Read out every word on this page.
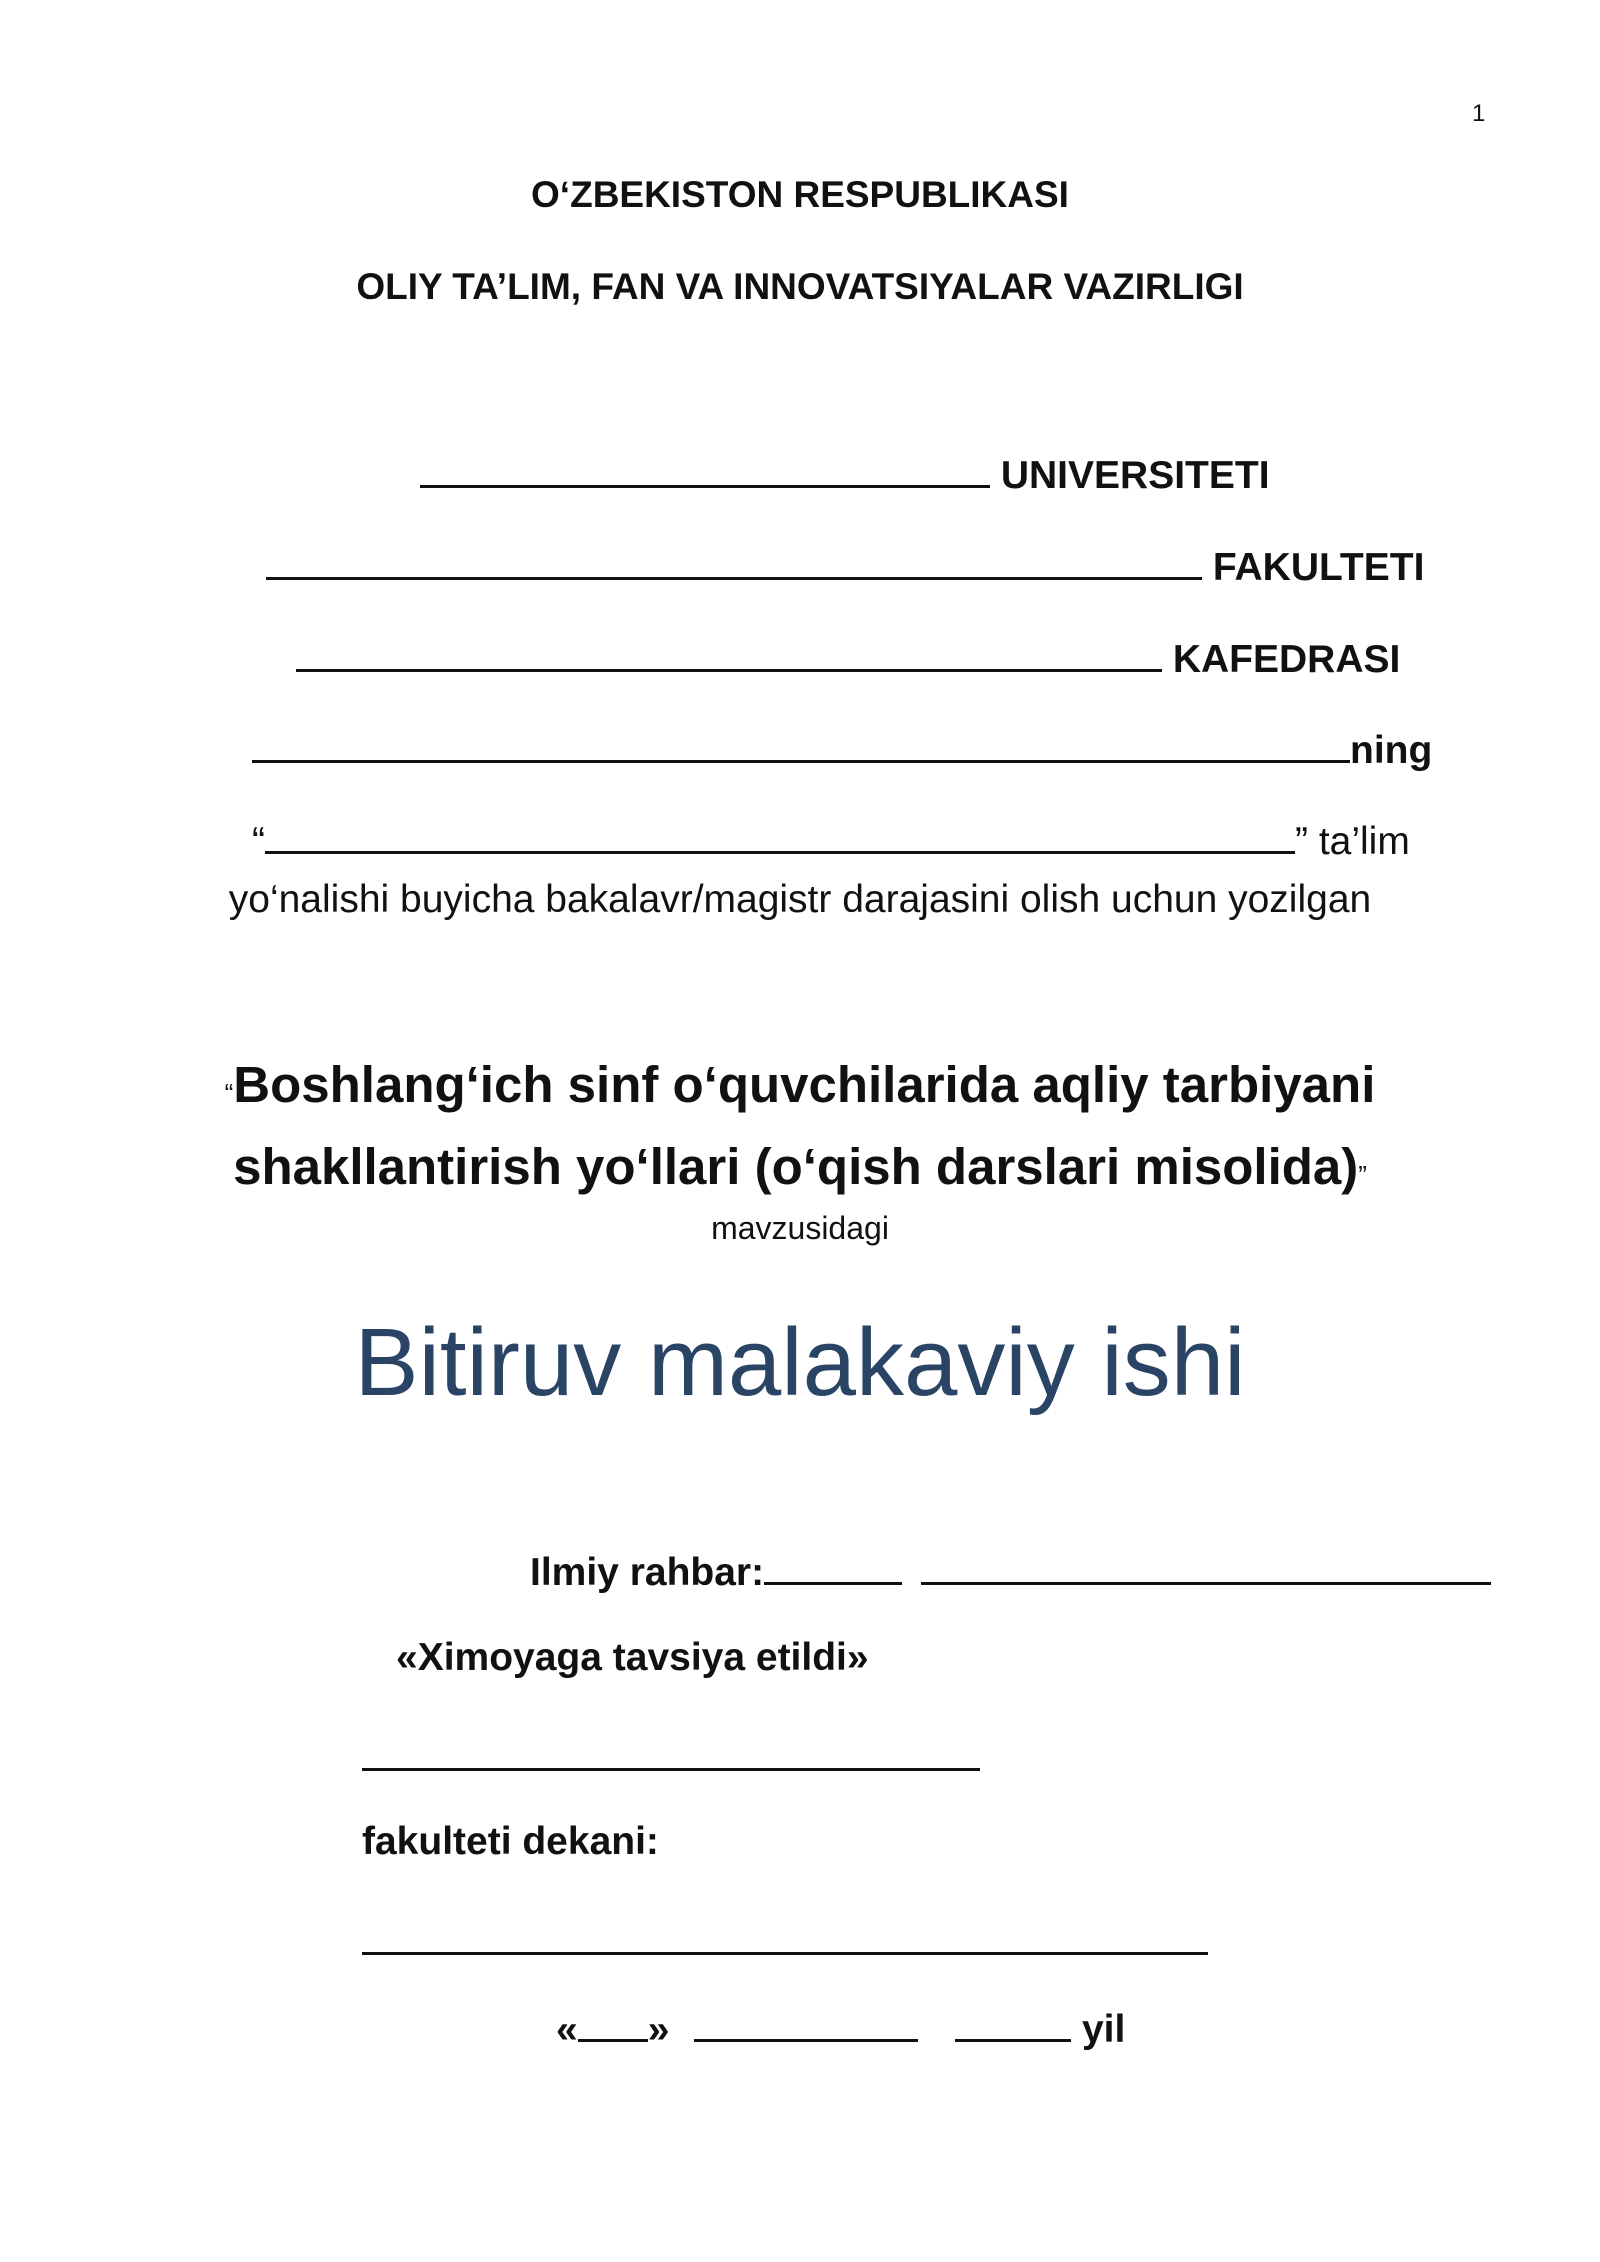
1
O‘ZBEKISTON RESPUBLIKASI
OLIY TA’LIM, FAN VA INNOVATSIYALAR VAZIRLIGI
UNIVERSITETI
FAKULTETI
KAFEDRASI
ning
“	” ta’lim
yo‘nalishi buyicha bakalavr/magistr darajasini olish uchun yozilgan
“Boshlang‘ich sinf o‘quvchilarida aqliy tarbiyani
shakllantirish yo‘llari (o‘qish darslari misolida)”
mavzusidagi
Bitiruv malakaviy ishi
Ilmiy rahbar:
«Ximoyaga tavsiya etildi»
fakulteti dekani:
« »	yil
